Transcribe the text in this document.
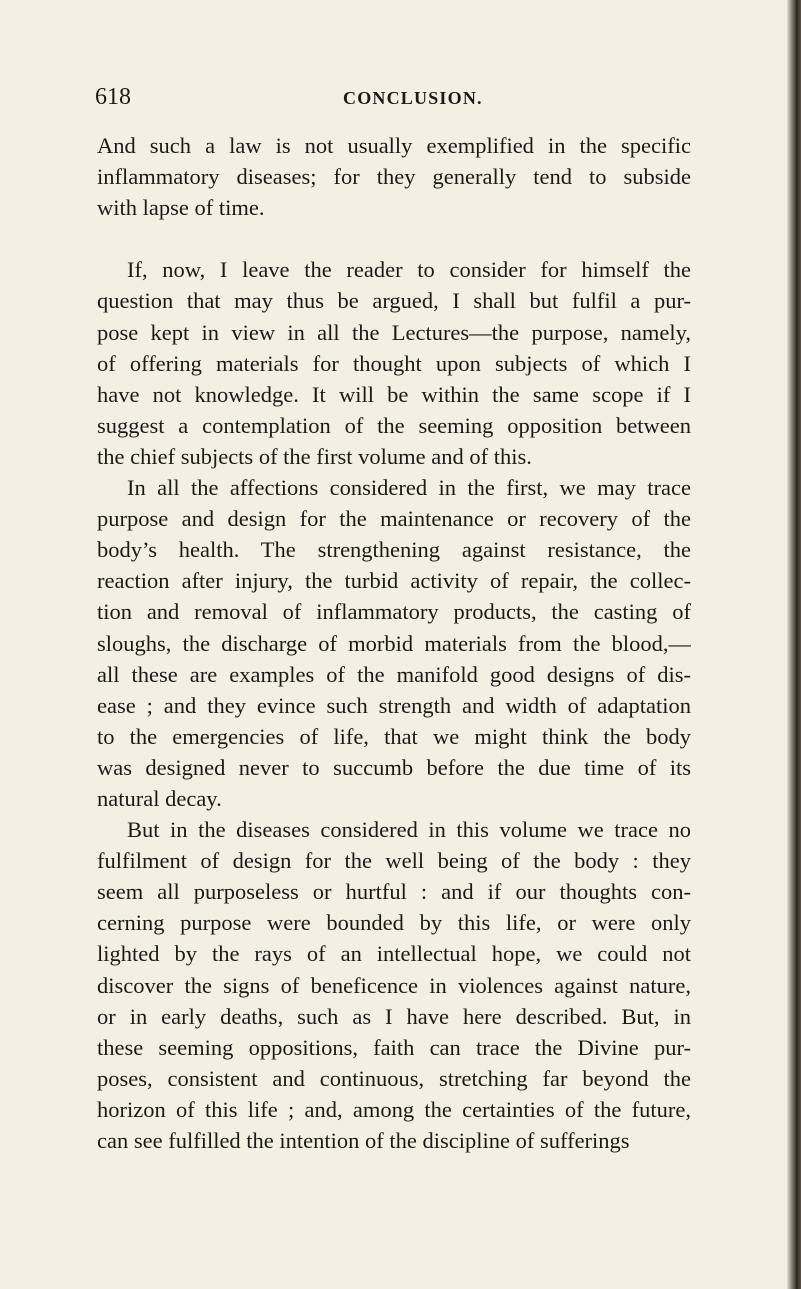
618	CONCLUSION.
And such a law is not usually exemplified in the specific
inflammatory diseases; for they generally tend to subside
with lapse of time.
If, now, I leave the reader to consider for himself the
question that may thus be argued, I shall but fulfil a pur-
pose kept in view in all the Lectures—the purpose, namely,
of offering materials for thought upon subjects of which I
have not knowledge. It will be within the same scope if I
suggest a contemplation of the seeming opposition between
the chief subjects of the first volume and of this.
In all the affections considered in the first, we may trace
purpose and design for the maintenance or recovery of the
body’s health. The strengthening against resistance, the
reaction after injury, the turbid activity of repair, the collec-
tion and removal of inflammatory products, the casting of
sloughs, the discharge of morbid materials from the blood,—
all these are examples of the manifold good designs of dis-
ease ; and they evince such strength and width of adaptation
to the emergencies of life, that we might think the body
was designed never to succumb before the due time of its
natural decay.
But in the diseases considered in this volume we trace no
fulfilment of design for the well being of the body : they
seem all purposeless or hurtful : and if our thoughts con-
cerning purpose were bounded by this life, or were only
lighted by the rays of an intellectual hope, we could not
discover the signs of beneficence in violences against nature,
or in early deaths, such as I have here described. But, in
these seeming oppositions, faith can trace the Divine pur-
poses, consistent and continuous, stretching far beyond the
horizon of this life ; and, among the certainties of the future,
can see fulfilled the intention of the discipline of sufferings
